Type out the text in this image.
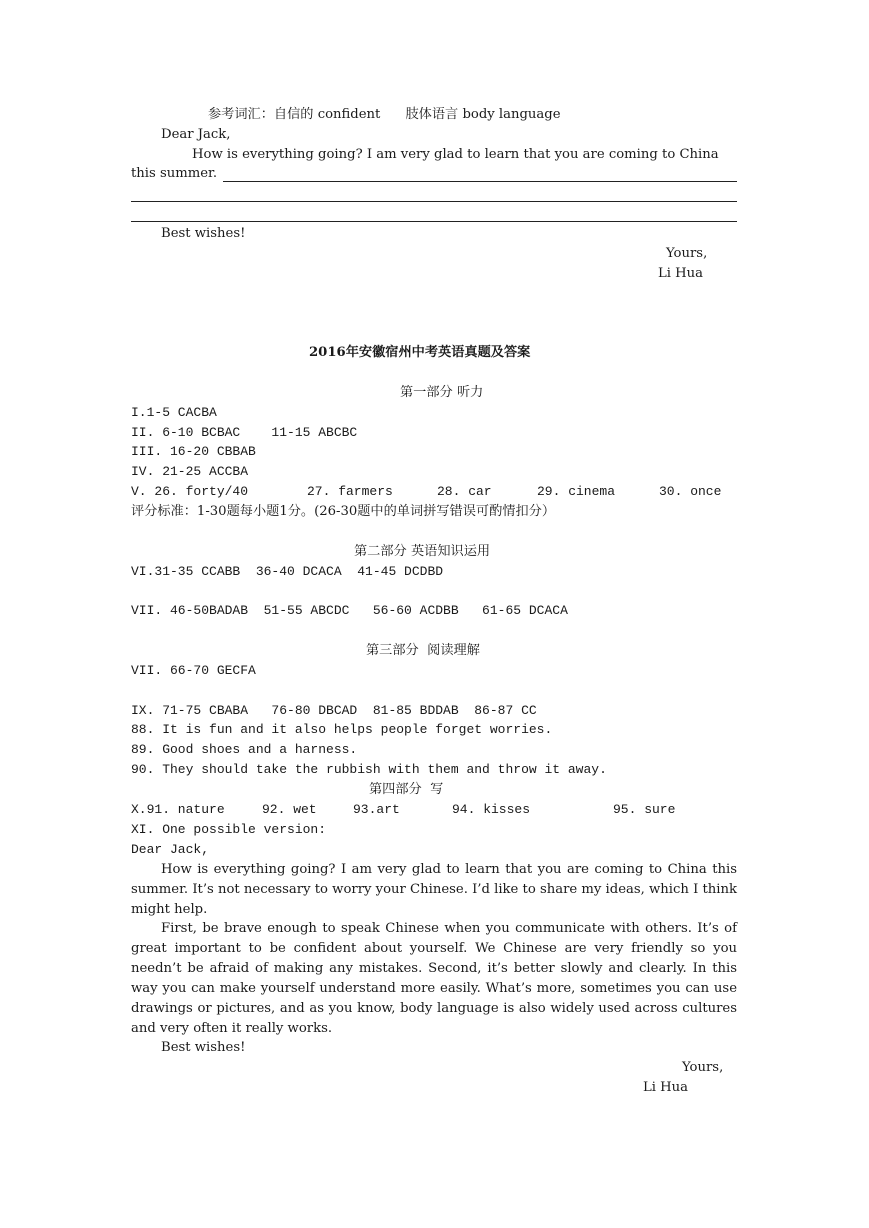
参考词汇：自信的 confident      肢体语言 body language
Dear Jack,
How is everything going? I am very glad to learn that you are coming to China
this summer.
Best wishes!
Yours,
Li Hua
2016年安徽宿州中考英语真题及答案
第一部分 听力
I.1-5 CACBA
II. 6-10 BCBAC    11-15 ABCBC
III. 16-20 CBBAB
IV. 21-25 ACCBA
V. 26. forty/40	27. farmers	28. car	29. cinema	30. once
评分标准：1-30题每小题1分。(26-30题中的单词拼写错误可酌情扣分）
第二部分 英语知识运用
VI.31-35 CCABB  36-40 DCACA  41-45 DCDBD
VII. 46-50BADAB  51-55 ABCDC   56-60 ACDBB   61-65 DCACA
第三部分  阅读理解
VII. 66-70 GECFA
IX. 71-75 CBABA   76-80 DBCAD  81-85 BDDAB  86-87 CC
88. It is fun and it also helps people forget worries.
89. Good shoes and a harness.
90. They should take the rubbish with them and throw it away.
第四部分  写
X.91. nature	92. wet	93.art	94. kisses	95. sure
XI. One possible version:
Dear Jack,
How is everything going? I am very glad to learn that you are coming to China this summer. It’s not necessary to worry your Chinese. I’d like to share my ideas, which I think might help.
First, be brave enough to speak Chinese when you communicate with others. It’s of great important to be confident about yourself. We Chinese are very friendly so you needn’t be afraid of making any mistakes. Second, it’s better slowly and clearly. In this way you can make yourself understand more easily. What’s more, sometimes you can use drawings or pictures, and as you know, body language is also widely used across cultures and very often it really works.
Best wishes!
Yours,
Li Hua
